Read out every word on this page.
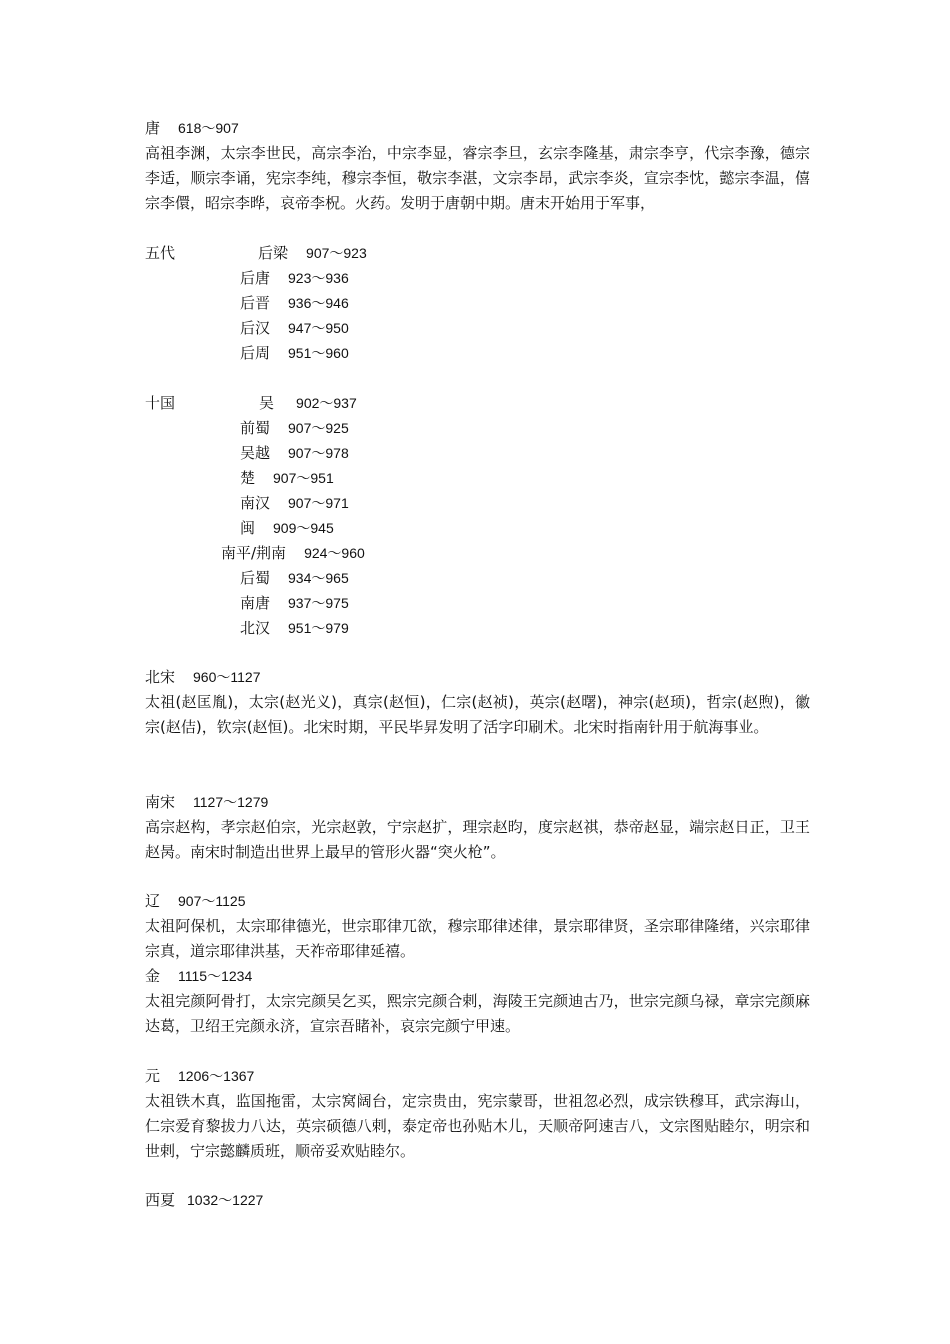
唐 618～907
高祖李渊，太宗李世民，高宗李治，中宗李显，睿宗李旦，玄宗李隆基，肃宗李亨，代宗李豫，德宗李适，顺宗李诵，宪宗李纯，穆宗李恒，敬宗李湛，文宗李昂，武宗李炎，宣宗李忱，懿宗李温，僖宗李儇，昭宗李晔，哀帝李柷。火药。发明于唐朝中期。唐末开始用于军事，
五代	后梁 907～923
后唐 923～936
后晋 936～946
后汉 947～950
后周 951～960
十国	吴 902～937
前蜀 907～925
吴越 907～978
楚 907～951
南汉 907～971
闽 909～945
南平/荆南 924～960
后蜀 934～965
南唐 937～975
北汉 951～979
北宋 960～1127
太祖(赵匡胤)，太宗(赵光义)，真宗(赵恒)，仁宗(赵祯)，英宗(赵曙)，神宗(赵顼)，哲宗(赵煦)，徽宗(赵佶)，钦宗(赵恒)。北宋时期，平民毕昇发明了活字印刷术。北宋时指南针用于航海事业。
南宋 1127～1279
高宗赵构，孝宗赵伯宗，光宗赵敦，宁宗赵扩，理宗赵昀，度宗赵祺，恭帝赵显，端宗赵日正，卫王赵昺。南宋时制造出世界上最早的管形火器“突火枪”。
辽 907～1125
太祖阿保机，太宗耶律德光，世宗耶律兀欲，穆宗耶律述律，景宗耶律贤，圣宗耶律隆绪，兴宗耶律宗真，道宗耶律洪基，天祚帝耶律延禧。
金 1115～1234
太祖完颜阿骨打，太宗完颜吴乞买，熙宗完颜合剌，海陵王完颜迪古乃，世宗完颜乌禄，章宗完颜麻达葛，卫绍王完颜永济，宣宗吾睹补，哀宗完颜宁甲速。
元 1206～1367
太祖铁木真，监国拖雷，太宗窝阔台，定宗贵由，宪宗蒙哥，世祖忽必烈，成宗铁穆耳，武宗海山，仁宗爱育黎拔力八达，英宗硕德八剌，泰定帝也孙贴木儿，天顺帝阿速吉八，文宗图贴睦尔，明宗和世剌，宁宗懿麟质班，顺帝妥欢贴睦尔。
西夏 1032～1227
